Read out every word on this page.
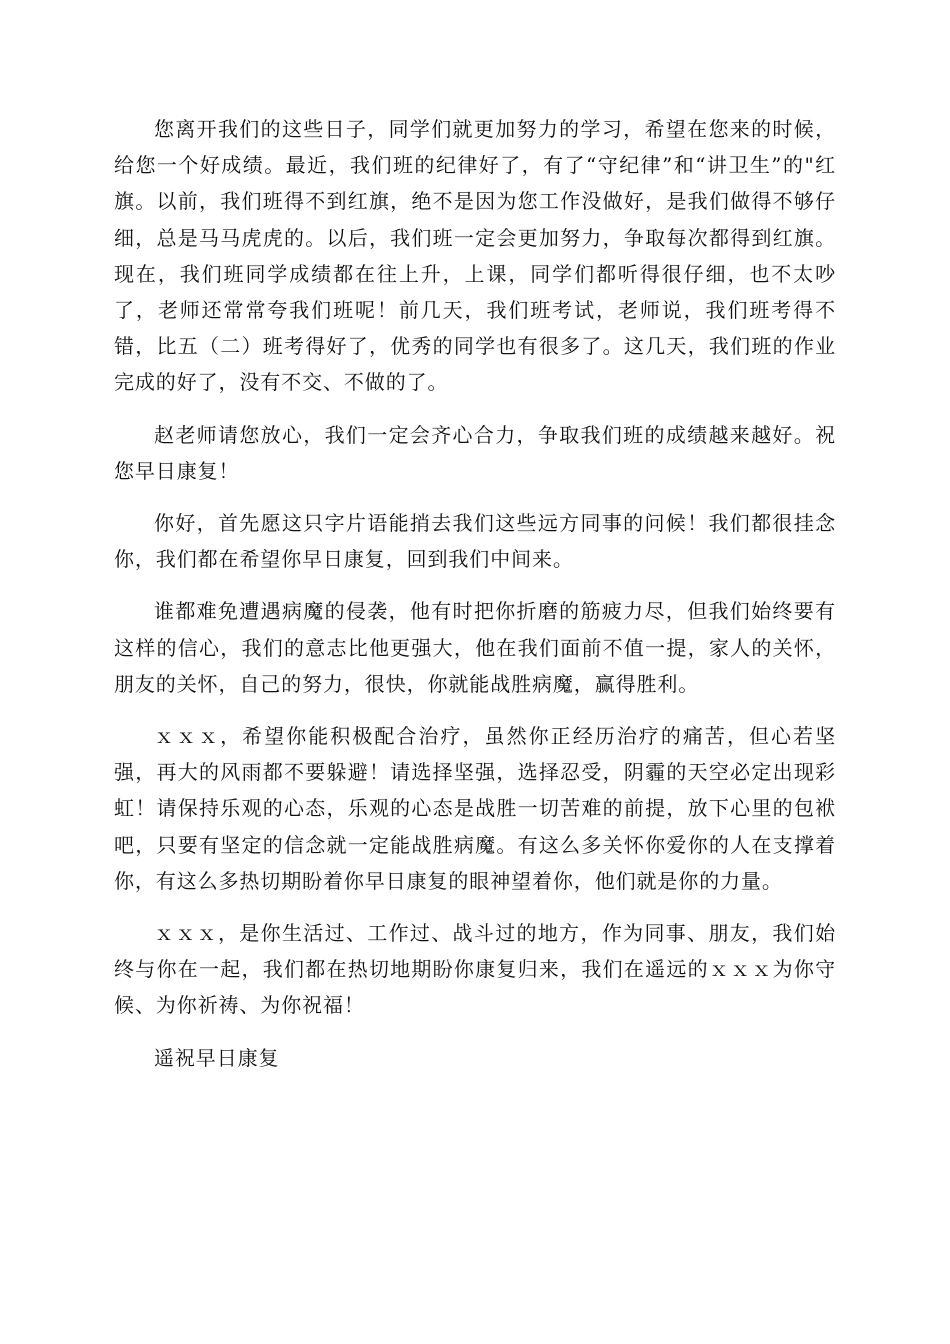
您离开我们的这些日子，同学们就更加努力的学习，希望在您来的时候，给您一个好成绩。最近，我们班的纪律好了，有了“守纪律”和“讲卫生”的"红旗。以前，我们班得不到红旗，绝不是因为您工作没做好，是我们做得不够仔细，总是马马虎虎的。以后，我们班一定会更加努力，争取每次都得到红旗。现在，我们班同学成绩都在往上升，上课，同学们都听得很仔细，也不太吵了，老师还常常夸我们班呢！前几天，我们班考试，老师说，我们班考得不错，比五（二）班考得好了，优秀的同学也有很多了。这几天，我们班的作业完成的好了，没有不交、不做的了。

赵老师请您放心，我们一定会齐心合力，争取我们班的成绩越来越好。祝您早日康复！

你好，首先愿这只字片语能捎去我们这些远方同事的问候！我们都很挂念你，我们都在希望你早日康复，回到我们中间来。

谁都难免遭遇病魔的侵袭，他有时把你折磨的筋疲力尽，但我们始终要有这样的信心，我们的意志比他更强大，他在我们面前不值一提，家人的关怀，朋友的关怀，自己的努力，很快，你就能战胜病魔，赢得胜利。

ｘｘｘ，希望你能积极配合治疗，虽然你正经历治疗的痛苦，但心若坚强，再大的风雨都不要躲避！请选择坚强，选择忍受，阴霾的天空必定出现彩虹！请保持乐观的心态，乐观的心态是战胜一切苦难的前提，放下心里的包袱吧，只要有坚定的信念就一定能战胜病魔。有这么多关怀你爱你的人在支撑着你，有这么多热切期盼着你早日康复的眼神望着你，他们就是你的力量。

ｘｘｘ，是你生活过、工作过、战斗过的地方，作为同事、朋友，我们始终与你在一起，我们都在热切地期盼你康复归来，我们在遥远的ｘｘｘ为你守候、为你祈祷、为你祝福！

遥祝早日康复
